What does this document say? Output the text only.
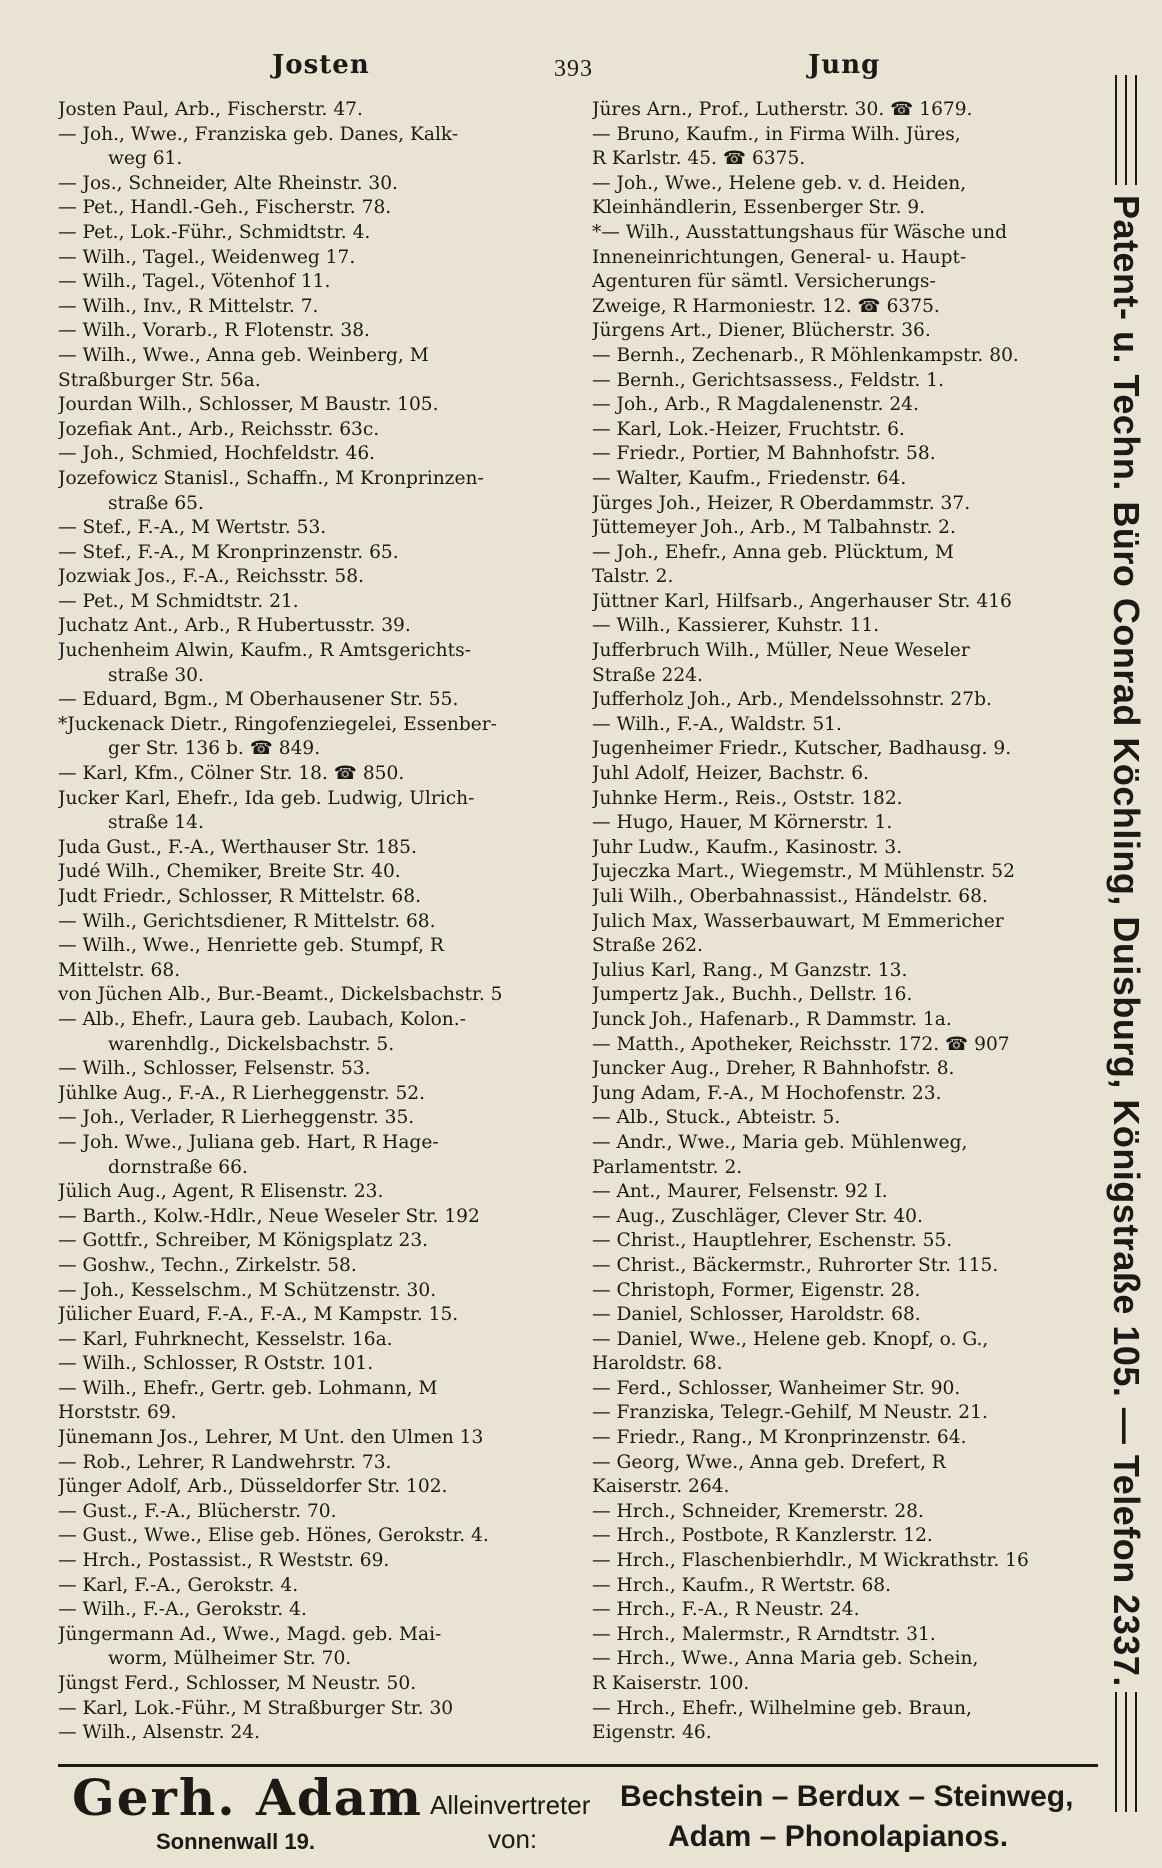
Josten	393	Jung
Josten Paul, Arb., Fischerstr. 47.
— Joh., Wwe., Franziska geb. Danes, Kalk-
weg 61.
— Jos., Schneider, Alte Rheinstr. 30.
— Pet., Handl.-Geh., Fischerstr. 78.
— Pet., Lok.-Führ., Schmidtstr. 4.
— Wilh., Tagel., Weidenweg 17.
— Wilh., Tagel., Vötenhof 11.
— Wilh., Inv., R Mittelstr. 7.
— Wilh., Vorarb., R Flotenstr. 38.
— Wilh., Wwe., Anna geb. Weinberg, M
Straßburger Str. 56a.
Jourdan Wilh., Schlosser, M Baustr. 105.
Jozefiak Ant., Arb., Reichsstr. 63c.
— Joh., Schmied, Hochfeldstr. 46.
Jozefowicz Stanisl., Schaffn., M Kronprinzen-
straße 65.
— Stef., F.-A., M Wertstr. 53.
— Stef., F.-A., M Kronprinzenstr. 65.
Jozwiak Jos., F.-A., Reichsstr. 58.
— Pet., M Schmidtstr. 21.
Juchatz Ant., Arb., R Hubertusstr. 39.
Juchenheim Alwin, Kaufm., R Amtsgerichts-
straße 30.
— Eduard, Bgm., M Oberhausener Str. 55.
*Juckenack Dietr., Ringofenziegelei, Essenber-
ger Str. 136 b. ☎ 849.
— Karl, Kfm., Cölner Str. 18. ☎ 850.
Jucker Karl, Ehefr., Ida geb. Ludwig, Ulrich-
straße 14.
Juda Gust., F.-A., Werthauser Str. 185.
Judé Wilh., Chemiker, Breite Str. 40.
Judt Friedr., Schlosser, R Mittelstr. 68.
— Wilh., Gerichtsdiener, R Mittelstr. 68.
— Wilh., Wwe., Henriette geb. Stumpf, R
Mittelstr. 68.
von Jüchen Alb., Bur.-Beamt., Dickelsbachstr. 5
— Alb., Ehefr., Laura geb. Laubach, Kolon.-
warenhdlg., Dickelsbachstr. 5.
— Wilh., Schlosser, Felsenstr. 53.
Jühlke Aug., F.-A., R Lierheggenstr. 52.
— Joh., Verlader, R Lierheggenstr. 35.
— Joh. Wwe., Juliana geb. Hart, R Hage-
dornstraße 66.
Jülich Aug., Agent, R Elisenstr. 23.
— Barth., Kolw.-Hdlr., Neue Weseler Str. 192
— Gottfr., Schreiber, M Königsplatz 23.
— Goshw., Techn., Zirkelstr. 58.
— Joh., Kesselschm., M Schützenstr. 30.
Jülicher Euard, F.-A., F.-A., M Kampstr. 15.
— Karl, Fuhrknecht, Kesselstr. 16a.
— Wilh., Schlosser, R Oststr. 101.
— Wilh., Ehefr., Gertr. geb. Lohmann, M
Horststr. 69.
Jünemann Jos., Lehrer, M Unt. den Ulmen 13
— Rob., Lehrer, R Landwehrstr. 73.
Jünger Adolf, Arb., Düsseldorfer Str. 102.
— Gust., F.-A., Blücherstr. 70.
— Gust., Wwe., Elise geb. Hönes, Gerokstr. 4.
— Hrch., Postassist., R Weststr. 69.
— Karl, F.-A., Gerokstr. 4.
— Wilh., F.-A., Gerokstr. 4.
Jüngermann Ad., Wwe., Magd. geb. Mai-
worm, Mülheimer Str. 70.
Jüngst Ferd., Schlosser, M Neustr. 50.
— Karl, Lok.-Führ., M Straßburger Str. 30
— Wilh., Alsenstr. 24.
Jüres Arn., Prof., Lutherstr. 30. ☎ 1679.
— Bruno, Kaufm., in Firma Wilh. Jüres,
R Karlstr. 45. ☎ 6375.
— Joh., Wwe., Helene geb. v. d. Heiden,
Kleinhändlerin, Essenberger Str. 9.
*— Wilh., Ausstattungshaus für Wäsche und
Inneneinrichtungen, General- u. Haupt-
Agenturen für sämtl. Versicherungs-
Zweige, R Harmoniestr. 12. ☎ 6375.
Jürgens Art., Diener, Blücherstr. 36.
— Bernh., Zechenarb., R Möhlenkampstr. 80.
— Bernh., Gerichtsassess., Feldstr. 1.
— Joh., Arb., R Magdalenenstr. 24.
— Karl, Lok.-Heizer, Fruchtstr. 6.
— Friedr., Portier, M Bahnhofstr. 58.
— Walter, Kaufm., Friedenstr. 64.
Jürges Joh., Heizer, R Oberdammstr. 37.
Jüttemeyer Joh., Arb., M Talbahnstr. 2.
— Joh., Ehefr., Anna geb. Plücktum, M
Talstr. 2.
Jüttner Karl, Hilfsarb., Angerhauser Str. 416
— Wilh., Kassierer, Kuhstr. 11.
Jufferbruch Wilh., Müller, Neue Weseler
Straße 224.
Jufferholz Joh., Arb., Mendelssohnstr. 27b.
— Wilh., F.-A., Waldstr. 51.
Jugenheimer Friedr., Kutscher, Badhausg. 9.
Juhl Adolf, Heizer, Bachstr. 6.
Juhnke Herm., Reis., Oststr. 182.
— Hugo, Hauer, M Körnerstr. 1.
Juhr Ludw., Kaufm., Kasinostr. 3.
Jujeczka Mart., Wiegemstr., M Mühlenstr. 52
Juli Wilh., Oberbahnassist., Händelstr. 68.
Julich Max, Wasserbauwart, M Emmericher
Straße 262.
Julius Karl, Rang., M Ganzstr. 13.
Jumpertz Jak., Buchh., Dellstr. 16.
Junck Joh., Hafenarb., R Dammstr. 1a.
— Matth., Apotheker, Reichsstr. 172. ☎ 907
Juncker Aug., Dreher, R Bahnhofstr. 8.
Jung Adam, F.-A., M Hochofenstr. 23.
— Alb., Stuck., Abteistr. 5.
— Andr., Wwe., Maria geb. Mühlenweg,
Parlamentstr. 2.
— Ant., Maurer, Felsenstr. 92 I.
— Aug., Zuschläger, Clever Str. 40.
— Christ., Hauptlehrer, Eschenstr. 55.
— Christ., Bäckermstr., Ruhrorter Str. 115.
— Christoph, Former, Eigenstr. 28.
— Daniel, Schlosser, Haroldstr. 68.
— Daniel, Wwe., Helene geb. Knopf, o. G.,
Haroldstr. 68.
— Ferd., Schlosser, Wanheimer Str. 90.
— Franziska, Telegr.-Gehilf, M Neustr. 21.
— Friedr., Rang., M Kronprinzenstr. 64.
— Georg, Wwe., Anna geb. Drefert, R
Kaiserstr. 264.
— Hrch., Schneider, Kremerstr. 28.
— Hrch., Postbote, R Kanzlerstr. 12.
— Hrch., Flaschenbierhdlr., M Wickrathstr. 16
— Hrch., Kaufm., R Wertstr. 68.
— Hrch., F.-A., R Neustr. 24.
— Hrch., Malermstr., R Arndtstr. 31.
— Hrch., Wwe., Anna Maria geb. Schein,
R Kaiserstr. 100.
— Hrch., Ehefr., Wilhelmine geb. Braun,
Eigenstr. 46.
Patent- u. Techn. Büro Conrad Köchling, Duisburg, Königstraße 105. — Telefon 2337.
Gerh. Adam
Sonnenwall 19.
Alleinvertreter
von:
Bechstein – Berdux – Steinweg,
Adam – Phonolapianos.
